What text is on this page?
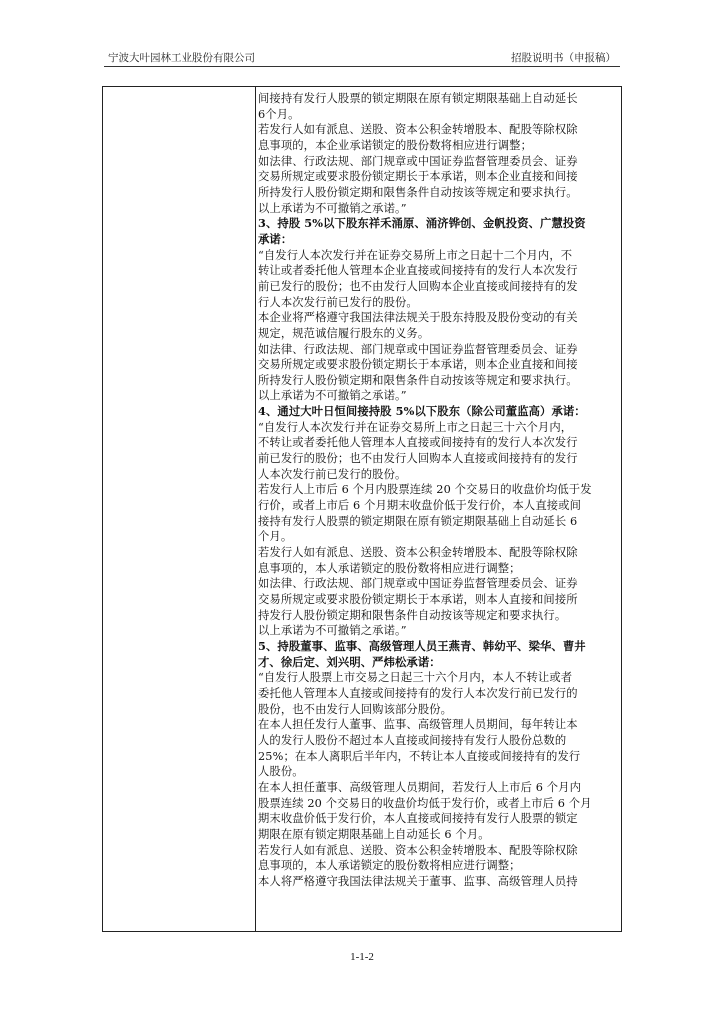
宁波大叶园林工业股份有限公司	招股说明书（申报稿）
间接持有发行人股票的锁定期限在原有锁定期限基础上自动延长
6个月。
若发行人如有派息、送股、资本公积金转增股本、配股等除权除
息事项的，本企业承诺锁定的股份数将相应进行调整；
如法律、行政法规、部门规章或中国证券监督管理委员会、证券
交易所规定或要求股份锁定期长于本承诺，则本企业直接和间接
所持发行人股份锁定期和限售条件自动按该等规定和要求执行。
以上承诺为不可撤销之承诺。”
3、持股 5%以下股东祥禾涌原、涌济铧创、金帆投资、广慧投资
承诺：
“自发行人本次发行并在证券交易所上市之日起十二个月内，不
转让或者委托他人管理本企业直接或间接持有的发行人本次发行
前已发行的股份；也不由发行人回购本企业直接或间接持有的发
行人本次发行前已发行的股份。
本企业将严格遵守我国法律法规关于股东持股及股份变动的有关
规定，规范诚信履行股东的义务。
如法律、行政法规、部门规章或中国证券监督管理委员会、证券
交易所规定或要求股份锁定期长于本承诺，则本企业直接和间接
所持发行人股份锁定期和限售条件自动按该等规定和要求执行。
以上承诺为不可撤销之承诺。”
4、通过大叶日恒间接持股 5%以下股东（除公司董监高）承诺：
“自发行人本次发行并在证券交易所上市之日起三十六个月内，
不转让或者委托他人管理本人直接或间接持有的发行人本次发行
前已发行的股份；也不由发行人回购本人直接或间接持有的发行
人本次发行前已发行的股份。
若发行人上市后 6 个月内股票连续 20 个交易日的收盘价均低于发
行价，或者上市后 6 个月期末收盘价低于发行价，本人直接或间
接持有发行人股票的锁定期限在原有锁定期限基础上自动延长 6
个月。
若发行人如有派息、送股、资本公积金转增股本、配股等除权除
息事项的，本人承诺锁定的股份数将相应进行调整；
如法律、行政法规、部门规章或中国证券监督管理委员会、证券
交易所规定或要求股份锁定期长于本承诺，则本人直接和间接所
持发行人股份锁定期和限售条件自动按该等规定和要求执行。
以上承诺为不可撤销之承诺。”
5、持股董事、监事、高级管理人员王燕青、韩幼平、梁华、曹井
才、徐后定、刘兴明、严炜松承诺：
“自发行人股票上市交易之日起三十六个月内，本人不转让或者
委托他人管理本人直接或间接持有的发行人本次发行前已发行的
股份，也不由发行人回购该部分股份。
在本人担任发行人董事、监事、高级管理人员期间，每年转让本
人的发行人股份不超过本人直接或间接持有发行人股份总数的
25%；在本人离职后半年内，不转让本人直接或间接持有的发行
人股份。
在本人担任董事、高级管理人员期间，若发行人上市后 6 个月内
股票连续 20 个交易日的收盘价均低于发行价，或者上市后 6 个月
期末收盘价低于发行价，本人直接或间接持有发行人股票的锁定
期限在原有锁定期限基础上自动延长 6 个月。
若发行人如有派息、送股、资本公积金转增股本、配股等除权除
息事项的，本人承诺锁定的股份数将相应进行调整；
本人将严格遵守我国法律法规关于董事、监事、高级管理人员持
1-1-2
